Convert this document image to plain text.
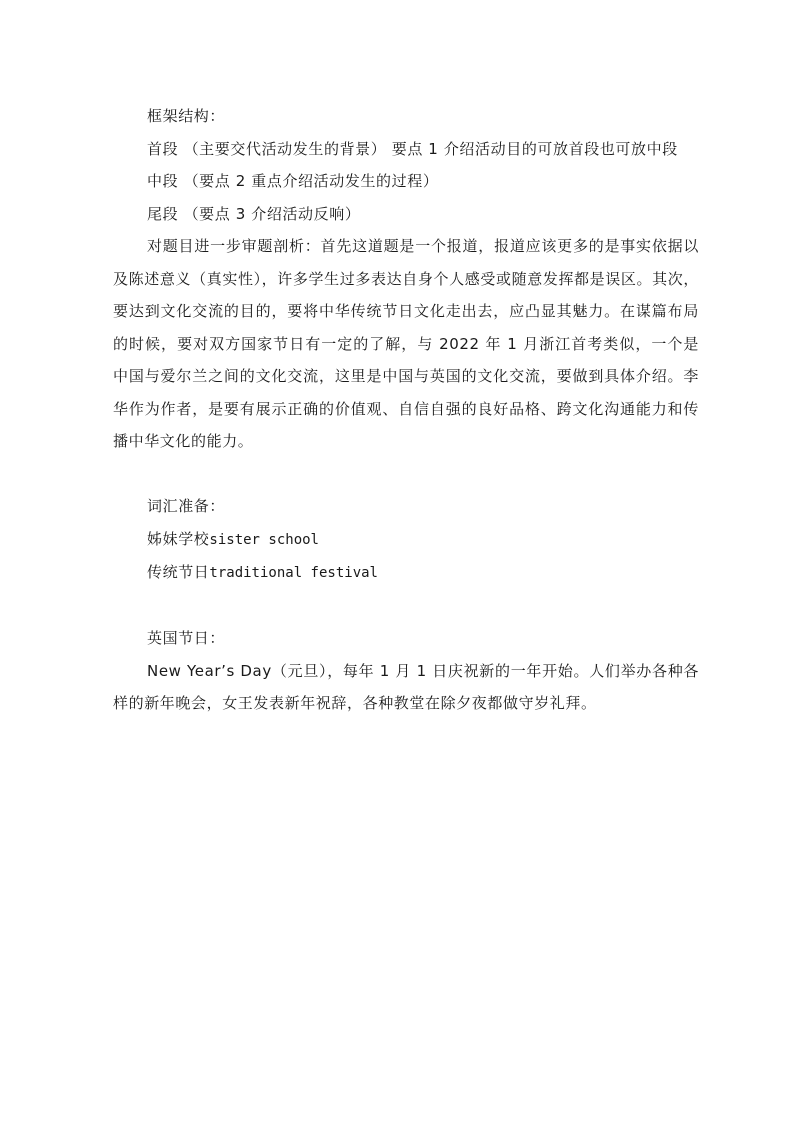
框架结构：

首段 （主要交代活动发生的背景） 要点 1 介绍活动目的可放首段也可放中段

中段 （要点 2 重点介绍活动发生的过程）

尾段 （要点 3 介绍活动反响）

对题目进一步审题剖析：首先这道题是一个报道，报道应该更多的是事实依据以及陈述意义（真实性），许多学生过多表达自身个人感受或随意发挥都是误区。其次，要达到文化交流的目的，要将中华传统节日文化走出去，应凸显其魅力。在谋篇布局的时候，要对双方国家节日有一定的了解，与 2022 年 1 月浙江首考类似，一个是中国与爱尔兰之间的文化交流，这里是中国与英国的文化交流，要做到具体介绍。李华作为作者，是要有展示正确的价值观、自信自强的良好品格、跨文化沟通能力和传播中华文化的能力。

词汇准备：

姊妹学校sister school

传统节日traditional festival

英国节日：

New Year’s Day（元旦），每年 1 月 1 日庆祝新的一年开始。人们举办各种各样的新年晚会，女王发表新年祝辞，各种教堂在除夕夜都做守岁礼拜。
